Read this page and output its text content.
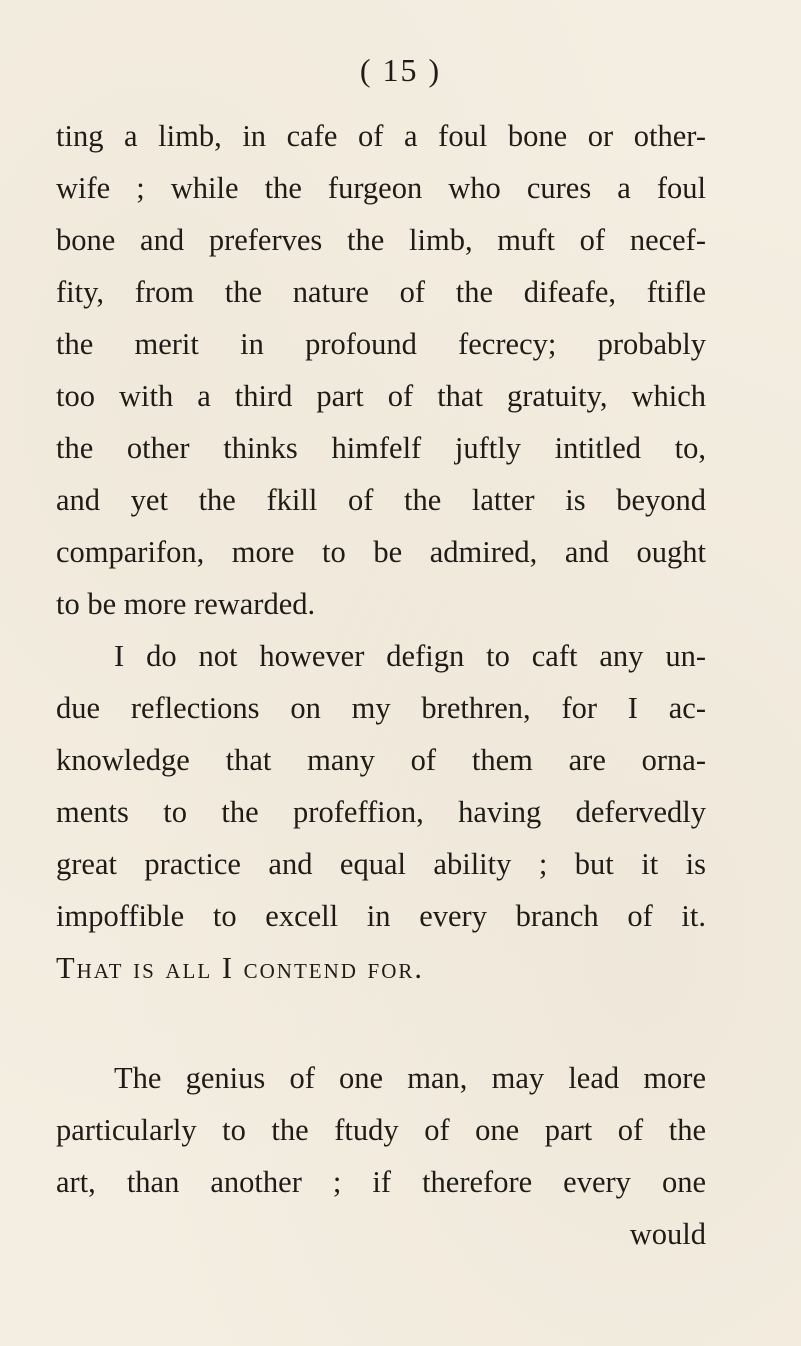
( 15 )
ting a limb, in cafe of a foul bone or other-
wife ; while the furgeon who cures a foul
bone and preferves the limb, muft of necef-
fity, from the nature of the difeafe, ftifle
the merit in profound fecrecy; probably
too with a third part of that gratuity, which
the other thinks himfelf juftly intitled to,
and yet the fkill of the latter is beyond
comparifon, more to be admired, and ought
to be more rewarded.
I do not however defign to caft any un-
due reflections on my brethren, for I ac-
knowledge that many of them are orna-
ments to the profeffion, having defervedly
great practice and equal ability ; but it is
impoffible to excell in every branch of it.
That is all I contend for.
The genius of one man, may lead more
particularly to the ftudy of one part of the
art, than another ; if therefore every one
would
